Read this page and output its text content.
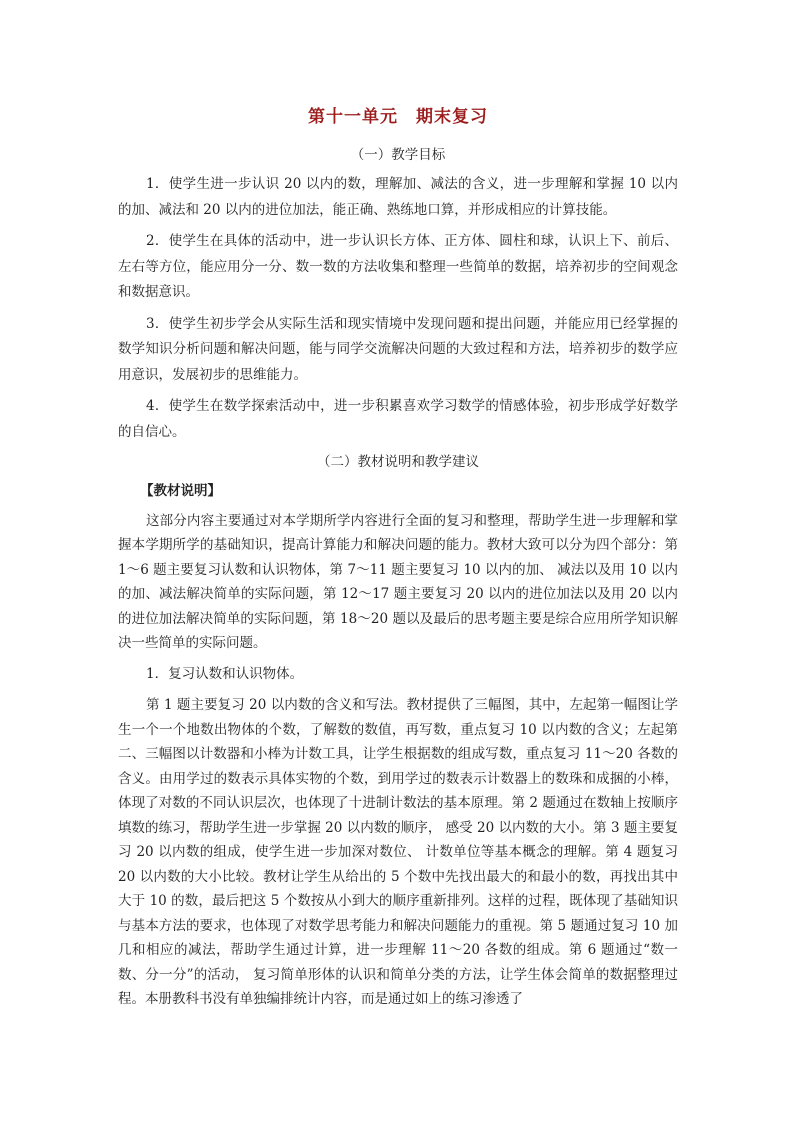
第十一单元　期末复习
（一）教学目标

1．使学生进一步认识 20 以内的数，理解加、减法的含义，进一步理解和掌握 10 以内的加、减法和 20 以内的进位加法，能正确、熟练地口算，并形成相应的计算技能。

2．使学生在具体的活动中，进一步认识长方体、正方体、圆柱和球，认识上下、前后、左右等方位，能应用分一分、数一数的方法收集和整理一些简单的数据，培养初步的空间观念和数据意识。

3．使学生初步学会从实际生活和现实情境中发现问题和提出问题，并能应用已经掌握的数学知识分析问题和解决问题，能与同学交流解决问题的大致过程和方法，培养初步的数学应用意识，发展初步的思维能力。

4．使学生在数学探索活动中，进一步积累喜欢学习数学的情感体验，初步形成学好数学的自信心。

（二）教材说明和教学建议

【教材说明】

这部分内容主要通过对本学期所学内容进行全面的复习和整理，帮助学生进一步理解和掌握本学期所学的基础知识，提高计算能力和解决问题的能力。教材大致可以分为四个部分：第 1～6 题主要复习认数和认识物体，第 7～11 题主要复习 10 以内的加、 减法以及用 10 以内的加、减法解决简单的实际问题，第 12～17 题主要复习 20 以内的进位加法以及用 20 以内的进位加法解决简单的实际问题，第 18～20 题以及最后的思考题主要是综合应用所学知识解决一些简单的实际问题。

1．复习认数和认识物体。

第 1 题主要复习 20 以内数的含义和写法。教材提供了三幅图，其中，左起第一幅图让学生一个一个地数出物体的个数，了解数的数值，再写数，重点复习 10 以内数的含义；左起第二、三幅图以计数器和小棒为计数工具，让学生根据数的组成写数，重点复习 11～20 各数的含义。由用学过的数表示具体实物的个数，到用学过的数表示计数器上的数珠和成捆的小棒，体现了对数的不同认识层次，也体现了十进制计数法的基本原理。第 2 题通过在数轴上按顺序填数的练习，帮助学生进一步掌握 20 以内数的顺序， 感受 20 以内数的大小。第 3 题主要复习 20 以内数的组成，使学生进一步加深对数位、 计数单位等基本概念的理解。第 4 题复习 20 以内数的大小比较。教材让学生从给出的 5 个数中先找出最大的和最小的数，再找出其中大于 10 的数，最后把这 5 个数按从小到大的顺序重新排列。这样的过程，既体现了基础知识与基本方法的要求，也体现了对数学思考能力和解决问题能力的重视。第 5 题通过复习 10 加几和相应的减法，帮助学生通过计算，进一步理解 11～20 各数的组成。第 6 题通过“数一数、分一分”的活动， 复习简单形体的认识和简单分类的方法，让学生体会简单的数据整理过程。本册教科书没有单独编排统计内容，而是通过如上的练习渗透了
